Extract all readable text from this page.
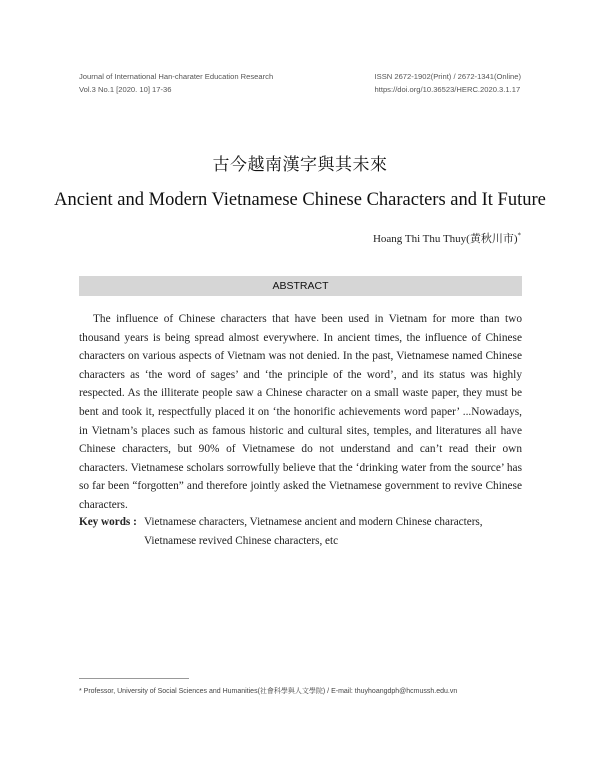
Journal of International Han-charater Education Research
Vol.3 No.1 [2020. 10] 17-36
ISSN 2672-1902(Print) / 2672-1341(Online)
https://doi.org/10.36523/HERC.2020.3.1.17
古今越南漢字與其未來
Ancient and Modern Vietnamese Chinese Characters and It Future
Hoang Thi Thu Thuy(黄秋川市)*
ABSTRACT

The influence of Chinese characters that have been used in Vietnam for more than two thousand years is being spread almost everywhere. In ancient times, the influence of Chinese characters on various aspects of Vietnam was not denied. In the past, Vietnamese named Chinese characters as ‘the word of sages’ and ‘the principle of the word’, and its status was highly respected. As the illiterate people saw a Chinese character on a small waste paper, they must be bent and took it, respectfully placed it on ‘the honorific achievements word paper’ ...Nowadays, in Vietnam’s places such as famous historic and cultural sites, temples, and literatures all have Chinese characters, but 90% of Vietnamese do not understand and can’t read their own characters. Vietnamese scholars sorrowfully believe that the ‘drinking water from the source’ has so far been “forgotten” and therefore jointly asked the Vietnamese government to revive Chinese characters.

Key words : Vietnamese characters, Vietnamese ancient and modern Chinese characters,
Vietnamese revived Chinese characters, etc
* Professor, University of Social Sciences and Humanities(社會科學與人文學院) / E-mail: thuyhoangdph@hcmussh.edu.vn
